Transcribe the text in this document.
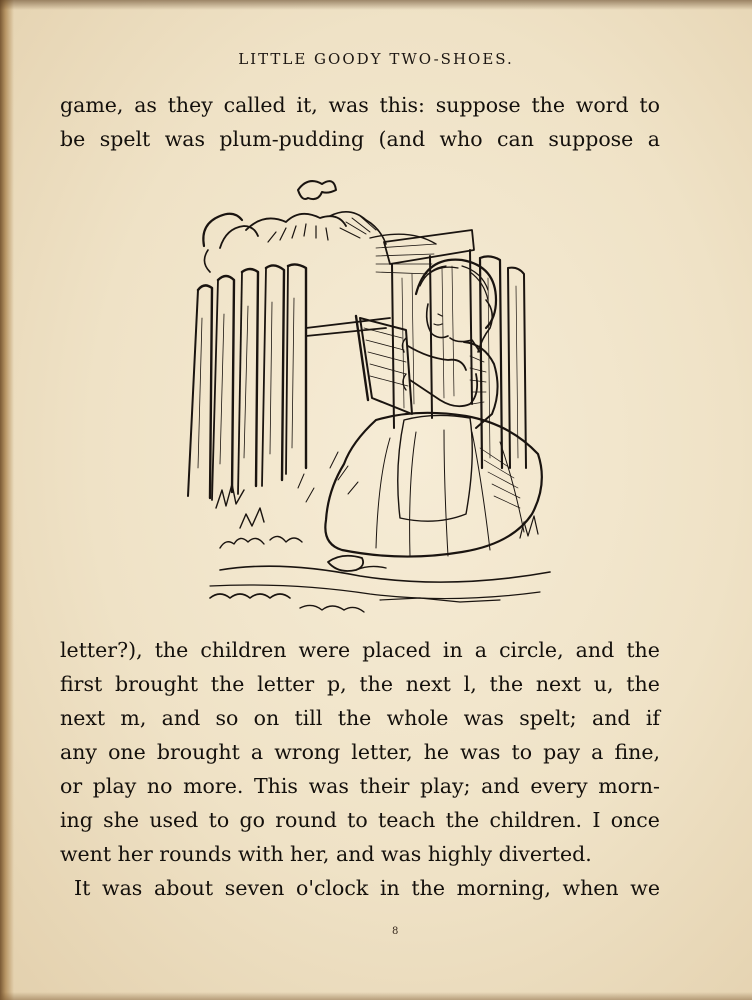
LITTLE GOODY TWO-SHOES.
game, as they called it, was this: suppose the word to
be spelt was plum-pudding (and who can suppose a
letter?), the children were placed in a circle, and the
first brought the letter p, the next l, the next u, the
next m, and so on till the whole was spelt; and if
any one brought a wrong letter, he was to pay a fine,
or play no more. This was their play; and every morn-
ing she used to go round to teach the children. I once
went her rounds with her, and was highly diverted.
It was about seven o'clock in the morning, when we
8
